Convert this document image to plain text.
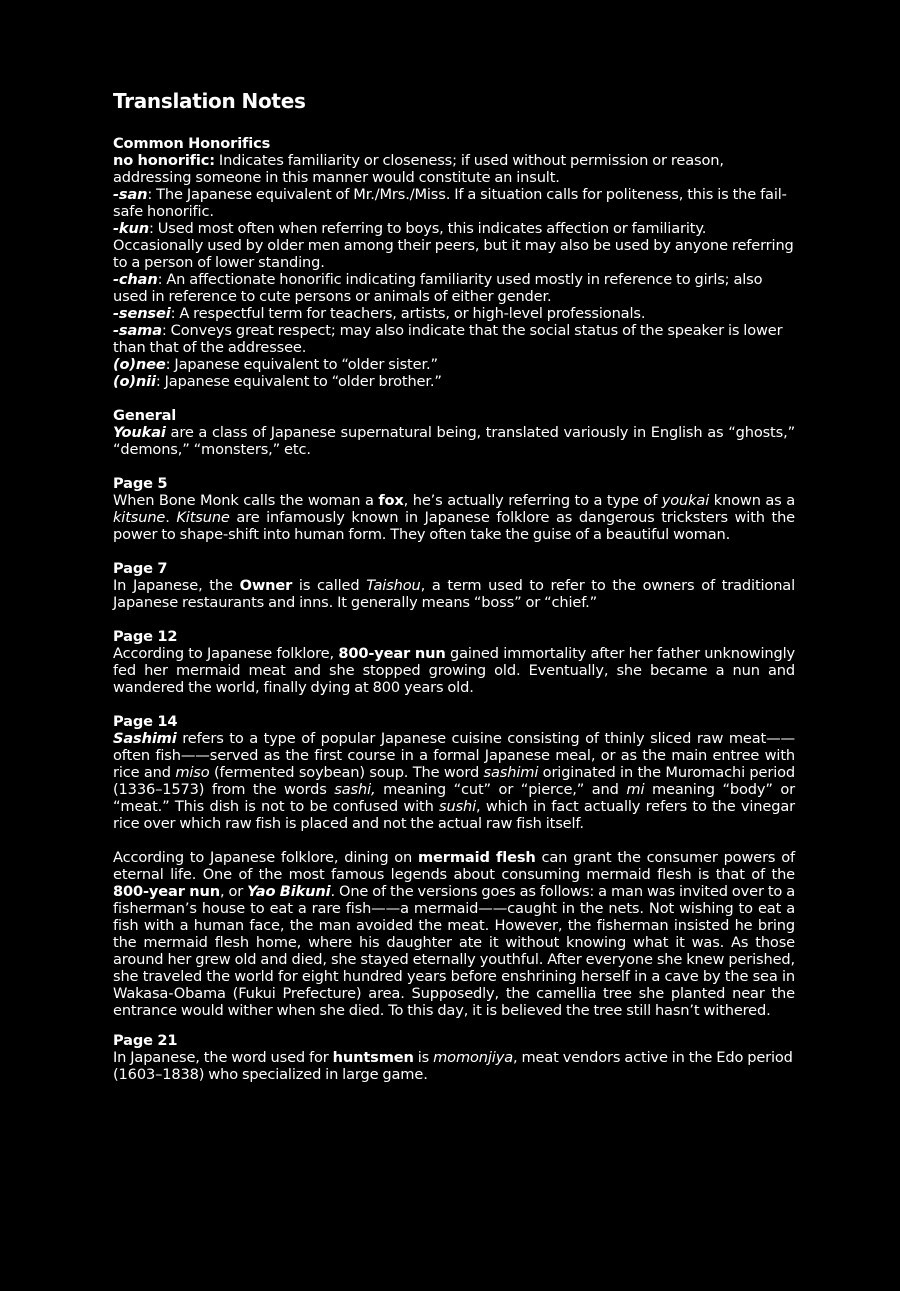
Translation Notes
Common Honorifics

no honorific: Indicates familiarity or closeness; if used without permission or reason, addressing someone in this manner would constitute an insult.

-san: The Japanese equivalent of Mr./Mrs./Miss. If a situation calls for politeness, this is the fail-safe honorific.

-kun: Used most often when referring to boys, this indicates affection or familiarity. Occasionally used by older men among their peers, but it may also be used by anyone referring to a person of lower standing.

-chan: An affectionate honorific indicating familiarity used mostly in reference to girls; also used in reference to cute persons or animals of either gender.

-sensei: A respectful term for teachers, artists, or high-level professionals.

-sama: Conveys great respect; may also indicate that the social status of the speaker is lower than that of the addressee.

(o)nee: Japanese equivalent to “older sister.”

(o)nii: Japanese equivalent to “older brother.”

General

Youkai are a class of Japanese supernatural being, translated variously in English as “ghosts,” “demons,” “monsters,” etc.

Page 5

When Bone Monk calls the woman a fox, he’s actually referring to a type of youkai known as a kitsune. Kitsune are infamously known in Japanese folklore as dangerous tricksters with the power to shape-shift into human form. They often take the guise of a beautiful woman.

Page 7

In Japanese, the Owner is called Taishou, a term used to refer to the owners of traditional Japanese restaurants and inns. It generally means “boss” or “chief.”

Page 12

According to Japanese folklore, 800-year nun gained immortality after her father unknowingly fed her mermaid meat and she stopped growing old. Eventually, she became a nun and wandered the world, finally dying at 800 years old.

Page 14

Sashimi refers to a type of popular Japanese cuisine consisting of thinly sliced raw meat——often fish——served as the first course in a formal Japanese meal, or as the main entree with rice and miso (fermented soybean) soup. The word sashimi originated in the Muromachi period (1336–1573) from the words sashi, meaning “cut” or “pierce,” and mi meaning “body” or “meat.” This dish is not to be confused with sushi, which in fact actually refers to the vinegar rice over which raw fish is placed and not the actual raw fish itself.

According to Japanese folklore, dining on mermaid flesh can grant the consumer powers of eternal life. One of the most famous legends about consuming mermaid flesh is that of the 800-year nun, or Yao Bikuni. One of the versions goes as follows: a man was invited over to a fisherman’s house to eat a rare fish——a mermaid——caught in the nets. Not wishing to eat a fish with a human face, the man avoided the meat. However, the fisherman insisted he bring the mermaid flesh home, where his daughter ate it without knowing what it was. As those around her grew old and died, she stayed eternally youthful. After everyone she knew perished, she traveled the world for eight hundred years before enshrining herself in a cave by the sea in Wakasa-Obama (Fukui Prefecture) area. Supposedly, the camellia tree she planted near the entrance would wither when she died. To this day, it is believed the tree still hasn’t withered.

Page 21

In Japanese, the word used for huntsmen is momonjiya, meat vendors active in the Edo period (1603–1838) who specialized in large game.
